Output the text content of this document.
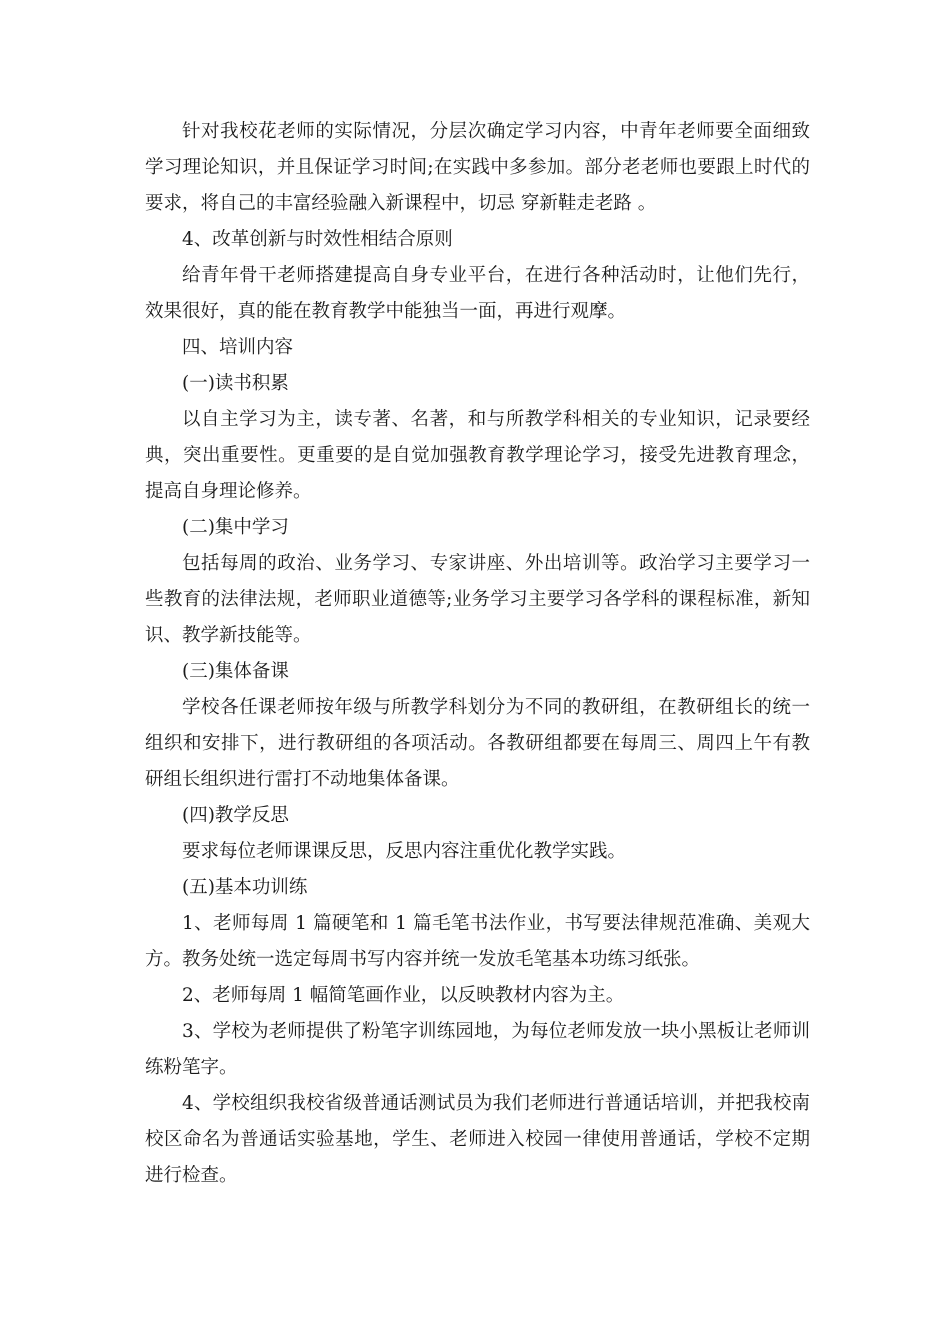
针对我校花老师的实际情况，分层次确定学习内容，中青年老师要全面细致学习理论知识，并且保证学习时间;在实践中多参加。部分老老师也要跟上时代的要求，将自己的丰富经验融入新课程中，切忌 穿新鞋走老路 。

4、改革创新与时效性相结合原则

给青年骨干老师搭建提高自身专业平台，在进行各种活动时，让他们先行，效果很好，真的能在教育教学中能独当一面，再进行观摩。

四、培训内容

(一)读书积累

以自主学习为主，读专著、名著，和与所教学科相关的专业知识，记录要经典，突出重要性。更重要的是自觉加强教育教学理论学习，接受先进教育理念，提高自身理论修养。

(二)集中学习

包括每周的政治、业务学习、专家讲座、外出培训等。政治学习主要学习一些教育的法律法规，老师职业道德等;业务学习主要学习各学科的课程标准，新知识、教学新技能等。

(三)集体备课

学校各任课老师按年级与所教学科划分为不同的教研组，在教研组长的统一组织和安排下，进行教研组的各项活动。各教研组都要在每周三、周四上午有教研组长组织进行雷打不动地集体备课。

(四)教学反思

要求每位老师课课反思，反思内容注重优化教学实践。

(五)基本功训练

1、老师每周 1 篇硬笔和 1 篇毛笔书法作业，书写要法律规范准确、美观大方。教务处统一选定每周书写内容并统一发放毛笔基本功练习纸张。

2、老师每周 1 幅简笔画作业，以反映教材内容为主。

3、学校为老师提供了粉笔字训练园地，为每位老师发放一块小黑板让老师训练粉笔字。

4、学校组织我校省级普通话测试员为我们老师进行普通话培训，并把我校南校区命名为普通话实验基地，学生、老师进入校园一律使用普通话，学校不定期进行检查。
